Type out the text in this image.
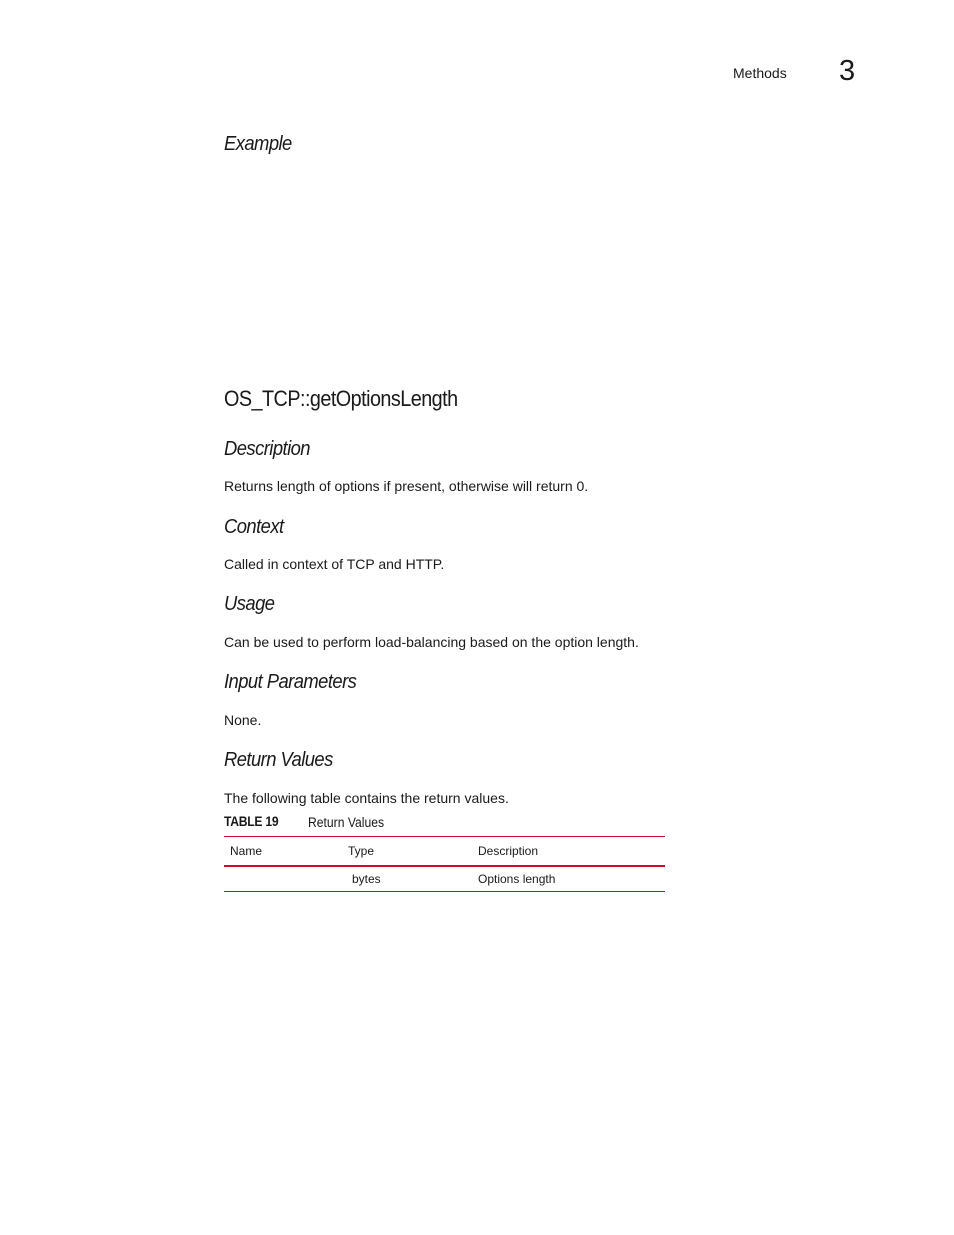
Methods 3
Example
OS_TCP::getOptionsLength
Description

Returns length of options if present, otherwise will return 0.

Context

Called in context of TCP and HTTP.

Usage

Can be used to perform load-balancing based on the option length.

Input Parameters

None.

Return Values

The following table contains the return values.

TABLE 19 Return Values
Name	Type	Description
	bytes	Options length
